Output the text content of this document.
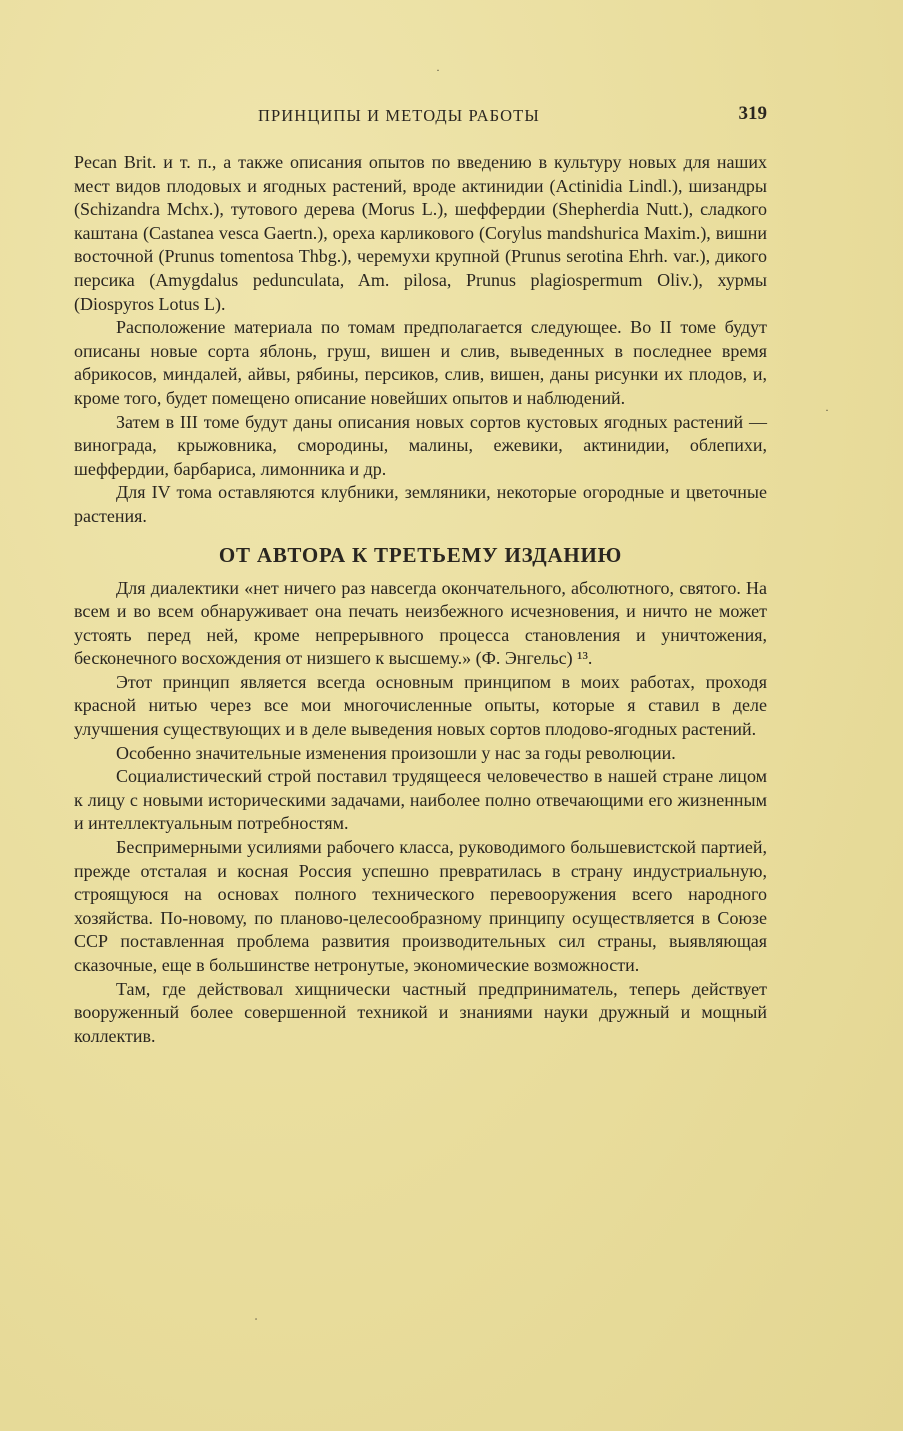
ПРИНЦИПЫ И МЕТОДЫ РАБОТЫ	319

Pecan Brit. и т. п., а также описания опытов по введению в культуру новых для наших мест видов плодовых и ягодных растений, вроде актинидии (Actinidia Lindl.), шизандры (Schizandra Mchx.), тутового дерева (Morus L.), шеффердии (Shepherdia Nutt.), сладкого каштана (Castanea vesca Gaertn.), ореха карликового (Corylus mandshurica Maxim.), вишни восточной (Prunus tomentosa Thbg.), черемухи крупной (Prunus serotina Ehrh. var.), дикого персика (Amygdalus pedunculata, Am. pilosa, Prunus plagiospermum Oliv.), хурмы (Diospyros Lotus L).

Расположение материала по томам предполагается следующее. Во II томе будут описаны новые сорта яблонь, груш, вишен и слив, выведенных в последнее время абрикосов, миндалей, айвы, рябины, персиков, слив, вишен, даны рисунки их плодов, и, кроме того, будет помещено описание новейших опытов и наблюдений.

Затем в III томе будут даны описания новых сортов кустовых ягодных растений — винограда, крыжовника, смородины, малины, ежевики, актинидии, облепихи, шеффердии, барбариса, лимонника и др.

Для IV тома оставляются клубники, земляники, некоторые огородные и цветочные растения.

ОТ АВТОРА К ТРЕТЬЕМУ ИЗДАНИЮ

Для диалектики «нет ничего раз навсегда окончательного, абсолютного, святого. На всем и во всем обнаруживает она печать неизбежного исчезновения, и ничто не может устоять перед ней, кроме непрерывного процесса становления и уничтожения, бесконечного восхождения от низшего к высшему.» (Ф. Энгельс) ¹³.

Этот принцип является всегда основным принципом в моих работах, проходя красной нитью через все мои многочисленные опыты, которые я ставил в деле улучшения существующих и в деле выведения новых сортов плодово-ягодных растений.

Особенно значительные изменения произошли у нас за годы революции.

Социалистический строй поставил трудящееся человечество в нашей стране лицом к лицу с новыми историческими задачами, наиболее полно отвечающими его жизненным и интеллектуальным потребностям.

Беспримерными усилиями рабочего класса, руководимого большевистской партией, прежде отсталая и косная Россия успешно превратилась в страну индустриальную, строящуюся на основах полного технического перевооружения всего народного хозяйства. По-новому, по планово-целесообразному принципу осуществляется в Союзе ССР поставленная проблема развития производительных сил страны, выявляющая сказочные, еще в большинстве нетронутые, экономические возможности.

Там, где действовал хищнически частный предприниматель, теперь действует вооруженный более совершенной техникой и знаниями науки дружный и мощный коллектив.

·
·
·
